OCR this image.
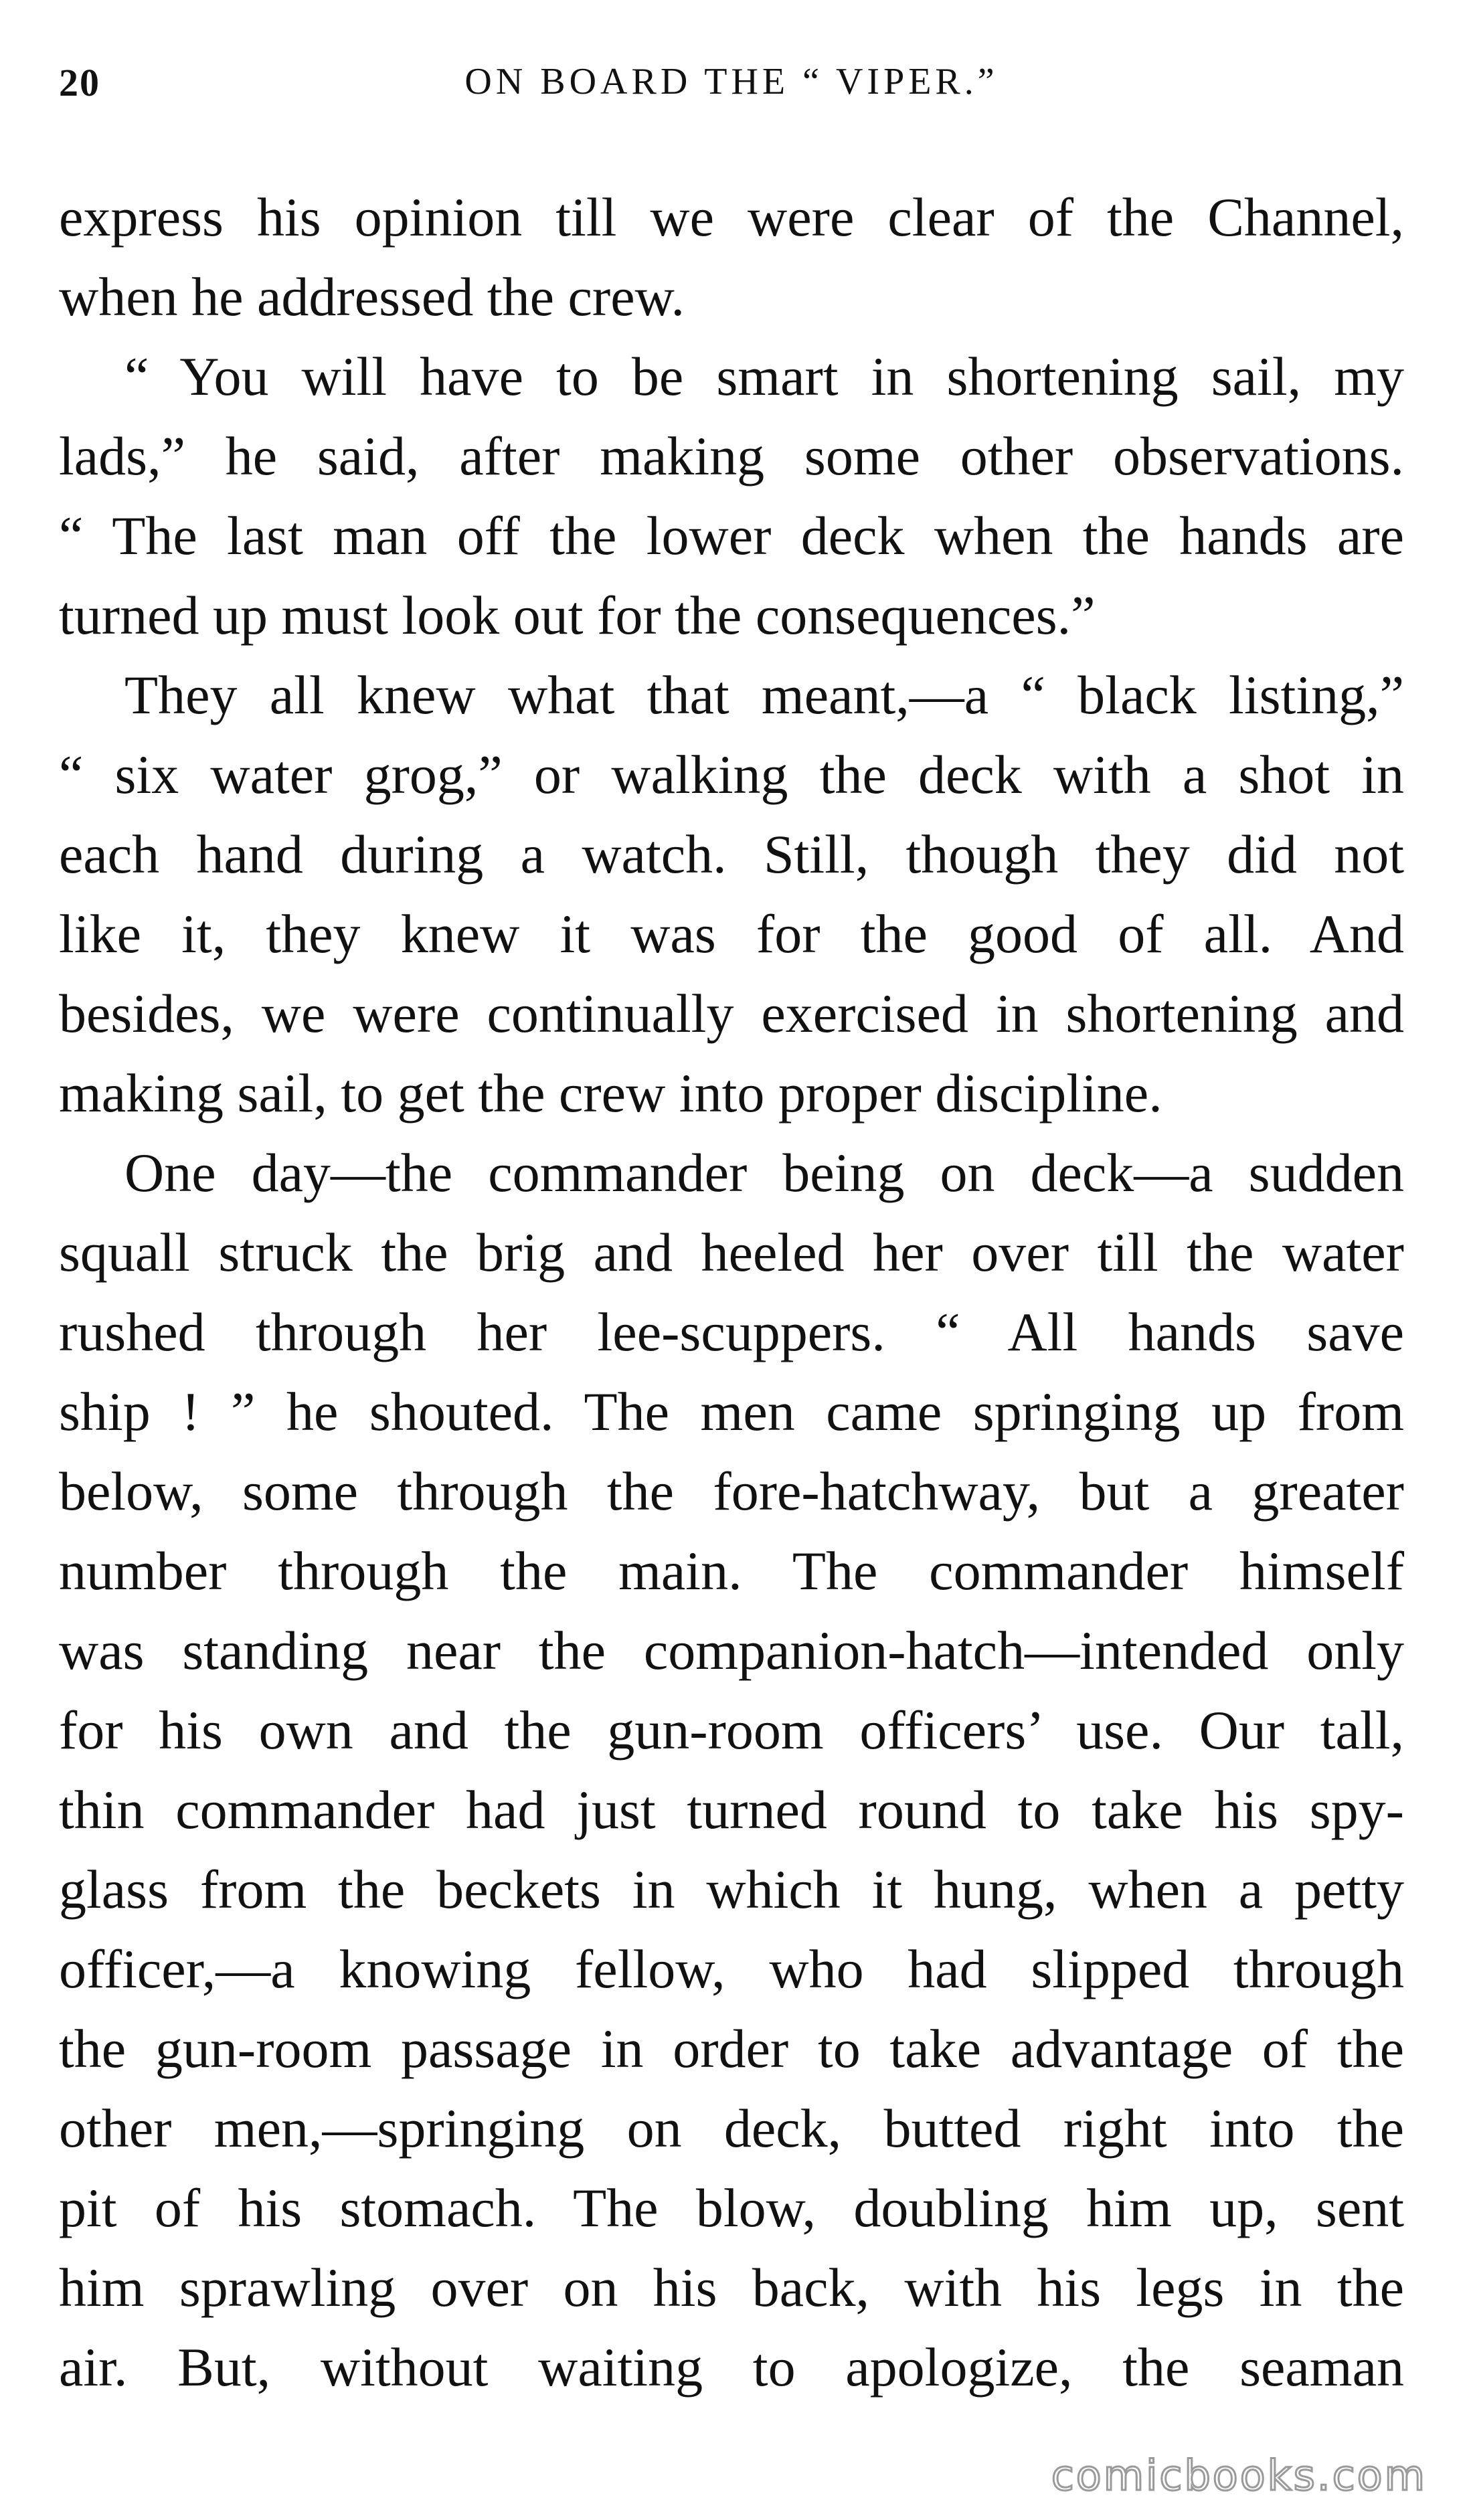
20	ON BOARD THE “ VIPER.”
express his opinion till we were clear of the Channel,
when he addressed the crew.
“ You will have to be smart in shortening sail, my
lads,” he said, after making some other observations.
“ The last man off the lower deck when the hands are
turned up must look out for the consequences.”
They all knew what that meant,—a “ black listing,”
“ six water grog,” or walking the deck with a shot in
each hand during a watch. Still, though they did not
like it, they knew it was for the good of all. And
besides, we were continually exercised in shortening and
making sail, to get the crew into proper discipline.
One day—the commander being on deck—a sudden
squall struck the brig and heeled her over till the water
rushed through her lee-scuppers. “ All hands save
ship ! ” he shouted. The men came springing up from
below, some through the fore-hatchway, but a greater
number through the main. The commander himself
was standing near the companion-hatch—intended only
for his own and the gun-room officers’ use. Our tall,
thin commander had just turned round to take his spy-
glass from the beckets in which it hung, when a petty
officer,—a knowing fellow, who had slipped through
the gun-room passage in order to take advantage of the
other men,—springing on deck, butted right into the
pit of his stomach. The blow, doubling him up, sent
him sprawling over on his back, with his legs in the
air. But, without waiting to apologize, the seaman
comicbooks.com
